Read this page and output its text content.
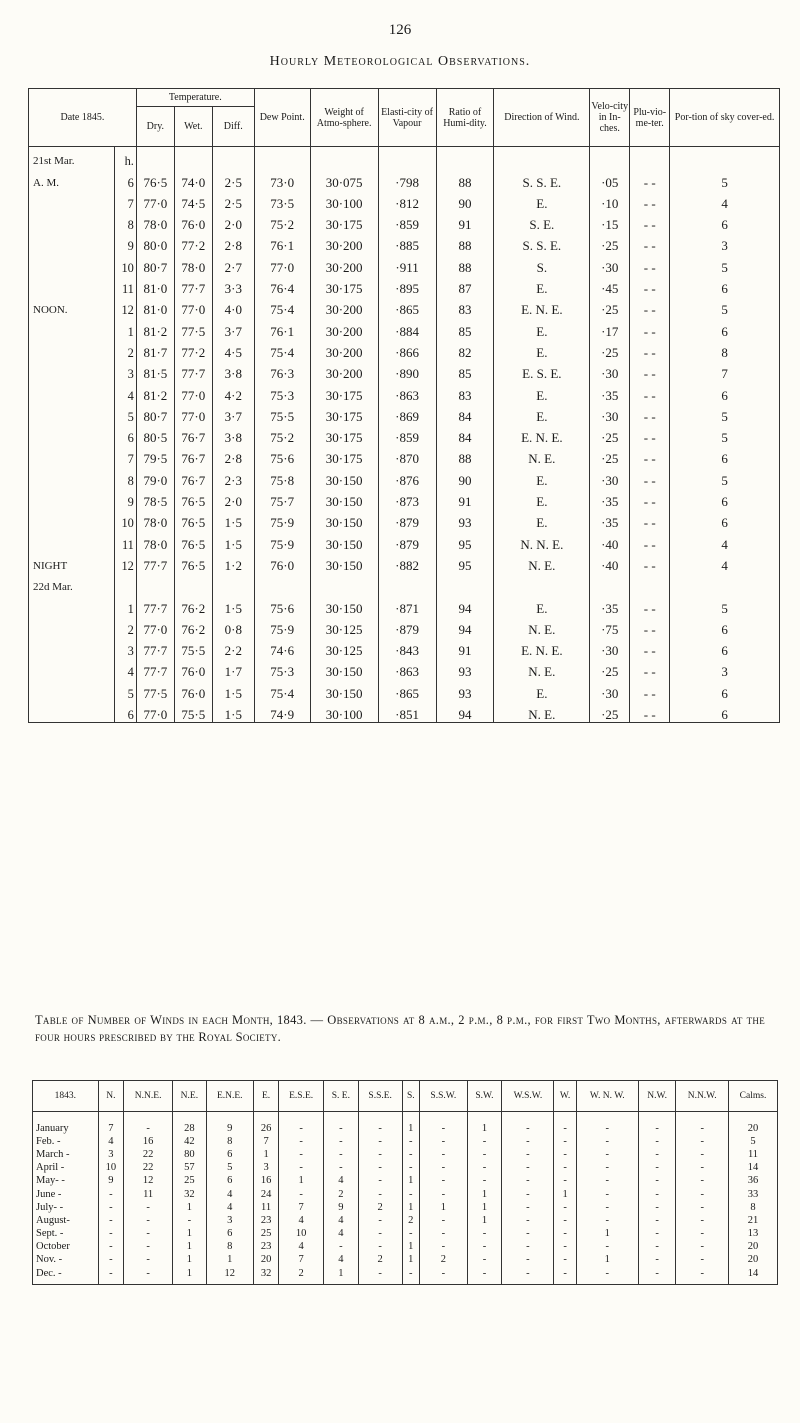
126
Hourly Meteorological Observations.
Date 1845.		Temperature.			Dew Point.	Weight of Atmo-sphere.	Elasti-city of Vapour	Ratio of Humi-dity.	Direction of Wind.	Velo-city in In-ches.	Plu-vio-me-ter.	Por-tion of sky cover-ed.
		Dry.	Wet.	Diff.								
21st Mar.	h.											
A. M.	6	76·5	74·0	2·5	73·0	30·075	·798	88	S. S. E.	·05	- -	5
	7	77·0	74·5	2·5	73·5	30·100	·812	90	E.	·10	- -	4
	8	78·0	76·0	2·0	75·2	30·175	·859	91	S. E.	·15	- -	6
	9	80·0	77·2	2·8	76·1	30·200	·885	88	S. S. E.	·25	- -	3
	10	80·7	78·0	2·7	77·0	30·200	·911	88	S.	·30	- -	5
	11	81·0	77·7	3·3	76·4	30·175	·895	87	E.	·45	- -	6
NOON.	12	81·0	77·0	4·0	75·4	30·200	·865	83	E. N. E.	·25	- -	5
	1	81·2	77·5	3·7	76·1	30·200	·884	85	E.	·17	- -	6
	2	81·7	77·2	4·5	75·4	30·200	·866	82	E.	·25	- -	8
	3	81·5	77·7	3·8	76·3	30·200	·890	85	E. S. E.	·30	- -	7
	4	81·2	77·0	4·2	75·3	30·175	·863	83	E.	·35	- -	6
	5	80·7	77·0	3·7	75·5	30·175	·869	84	E.	·30	- -	5
	6	80·5	76·7	3·8	75·2	30·175	·859	84	E. N. E.	·25	- -	5
	7	79·5	76·7	2·8	75·6	30·175	·870	88	N. E.	·25	- -	6
	8	79·0	76·7	2·3	75·8	30·150	·876	90	E.	·30	- -	5
	9	78·5	76·5	2·0	75·7	30·150	·873	91	E.	·35	- -	6
	10	78·0	76·5	1·5	75·9	30·150	·879	93	E.	·35	- -	6
	11	78·0	76·5	1·5	75·9	30·150	·879	95	N. N. E.	·40	- -	4
NIGHT	12	77·7	76·5	1·2	76·0	30·150	·882	95	N. E.	·40	- -	4
22d Mar.												
	1	77·7	76·2	1·5	75·6	30·150	·871	94	E.	·35	- -	5
	2	77·0	76·2	0·8	75·9	30·125	·879	94	N. E.	·75	- -	6
	3	77·7	75·5	2·2	74·6	30·125	·843	91	E. N. E.	·30	- -	6
	4	77·7	76·0	1·7	75·3	30·150	·863	93	N. E.	·25	- -	3
	5	77·5	76·0	1·5	75·4	30·150	·865	93	E.	·30	- -	6
	6	77·0	75·5	1·5	74·9	30·100	·851	94	N. E.	·25	- -	6
Table of Number of Winds in each Month, 1843. — Observations at 8 a.m., 2 p.m., 8 p.m., for first Two Months, afterwards at the four hours prescribed by the Royal Society.
1843.	N.	N.N.E.	N.E.	E.N.E.	E.	E.S.E.	S. E.	S.S.E.	S.	S.S.W.	S.W.	W.S.W.	W.	W. N. W.	N.W.	N.N.W.	Calms.
January	7	-	28	9	26	-	-	-	1	-	1	-	-	-	-	-	20
Feb. -	4	16	42	8	7	-	-	-	-	-	-	-	-	-	-	-	5
March -	3	22	80	6	1	-	-	-	-	-	-	-	-	-	-	-	11
April -	10	22	57	5	3	-	-	-	-	-	-	-	-	-	-	-	14
May- -	9	12	25	6	16	1	4	-	1	-	-	-	-	-	-	-	36
June -	-	11	32	4	24	-	2	-	-	-	1	-	1	-	-	-	33
July- -	-	-	1	4	11	7	9	2	1	1	1	-	-	-	-	-	8
August-	-	-	-	3	23	4	4	-	2	-	1	-	-	-	-	-	21
Sept. -	-	-	1	6	25	10	4	-	-	-	-	-	-	1	-	-	13
October	-	-	1	8	23	4	-	-	1	-	-	-	-	-	-	-	20
Nov. -	-	-	1	1	20	7	4	2	1	2	-	-	-	1	-	-	20
Dec. -	-	-	1	12	32	2	1	-	-	-	-	-	-	-	-	-	14
